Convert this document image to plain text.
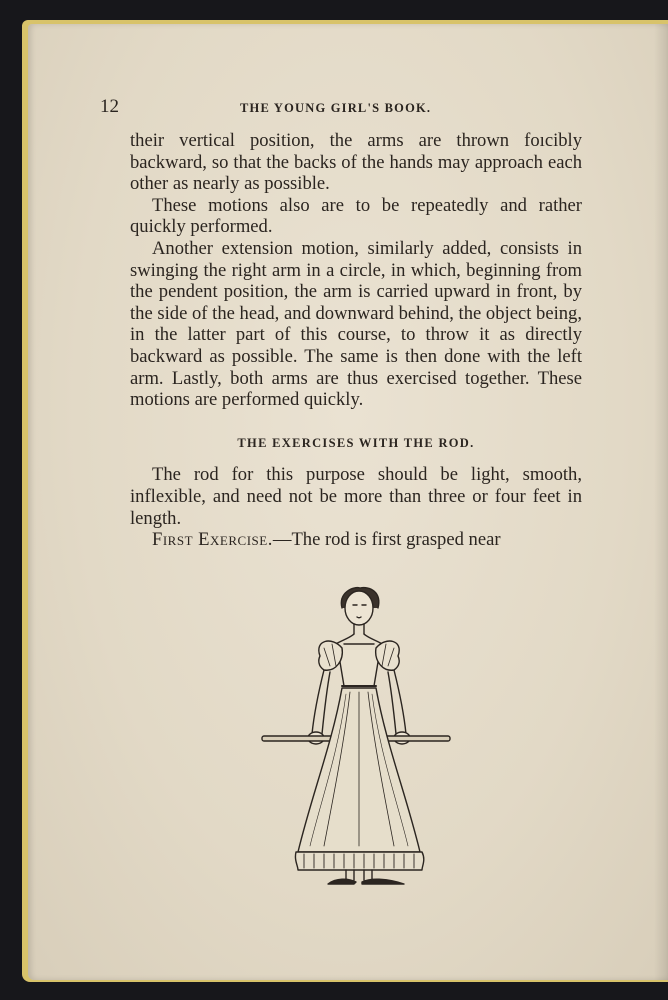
12	THE YOUNG GIRL'S BOOK.

their vertical position, the arms are thrown foıcibly backward, so that the backs of the hands may approach each other as nearly as possible.

These motions also are to be repeatedly and rather quickly performed.

Another extension motion, similarly added, consists in swinging the right arm in a circle, in which, beginning from the pendent position, the arm is carried upward in front, by the side of the head, and downward behind, the object being, in the latter part of this course, to throw it as directly backward as possible. The same is then done with the left arm. Lastly, both arms are thus exercised together. These motions are performed quickly.

THE EXERCISES WITH THE ROD.

The rod for this purpose should be light, smooth, inflexible, and need not be more than three or four feet in length.

First Exercise.—The rod is first grasped near
